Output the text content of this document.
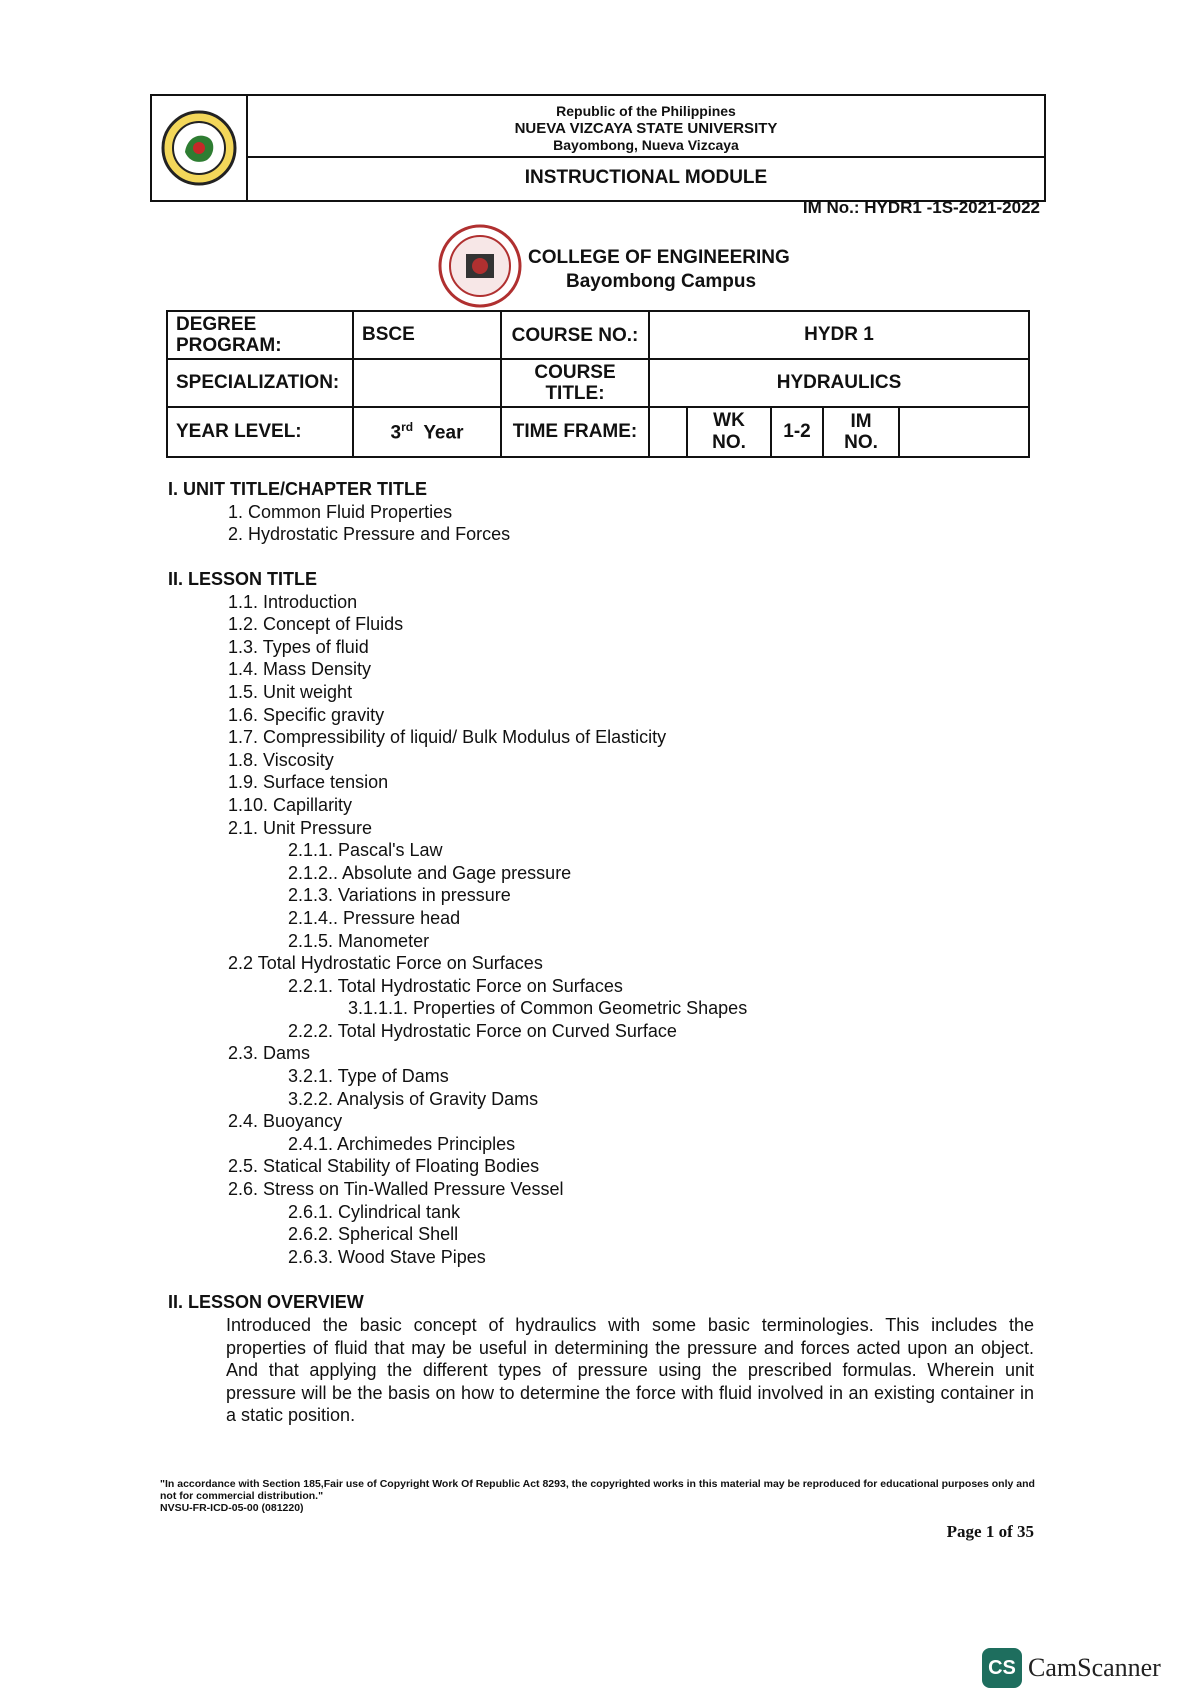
Republic of the Philippines
NUEVA VIZCAYA STATE UNIVERSITY
Bayombong, Nueva Vizcaya
INSTRUCTIONAL MODULE
IM No.: HYDR1 -1S-2021-2022
COLLEGE OF ENGINEERING
Bayombong Campus
DEGREE PROGRAM:	BSCE	COURSE NO.:	HYDR 1				
SPECIALIZATION:		COURSE TITLE:	HYDRAULICS				
YEAR LEVEL:	3rd Year	TIME FRAME:		WK NO.	1-2	IM NO.	
I. UNIT TITLE/CHAPTER TITLE
1. Common Fluid Properties
2. Hydrostatic Pressure and Forces
II. LESSON TITLE
1.1. Introduction
1.2. Concept of Fluids
1.3. Types of fluid
1.4. Mass Density
1.5. Unit weight
1.6. Specific gravity
1.7. Compressibility of liquid/ Bulk Modulus of Elasticity
1.8. Viscosity
1.9. Surface tension
1.10. Capillarity
2.1. Unit Pressure
2.1.1. Pascal's Law
2.1.2.. Absolute and Gage pressure
2.1.3. Variations in pressure
2.1.4.. Pressure head
2.1.5. Manometer
2.2 Total Hydrostatic Force on Surfaces
2.2.1. Total Hydrostatic Force on Surfaces
3.1.1.1. Properties of Common Geometric Shapes
2.2.2. Total Hydrostatic Force on Curved Surface
2.3. Dams
3.2.1. Type of Dams
3.2.2. Analysis of Gravity Dams
2.4. Buoyancy
2.4.1. Archimedes Principles
2.5. Statical Stability of Floating Bodies
2.6. Stress on Tin-Walled Pressure Vessel
2.6.1. Cylindrical tank
2.6.2. Spherical Shell
2.6.3. Wood Stave Pipes
II. LESSON OVERVIEW
Introduced the basic concept of hydraulics with some basic terminologies. This includes the properties of fluid that may be useful in determining the pressure and forces acted upon an object. And that applying the different types of pressure using the prescribed formulas. Wherein unit pressure will be the basis on how to determine the force with fluid involved in an existing container in a static position.
"In accordance with Section 185,Fair use of Copyright Work Of Republic Act 8293, the copyrighted works in this material may be reproduced for educational purposes only and not for commercial distribution."
NVSU-FR-ICD-05-00 (081220)
Page 1 of 35
CS CamScanner
